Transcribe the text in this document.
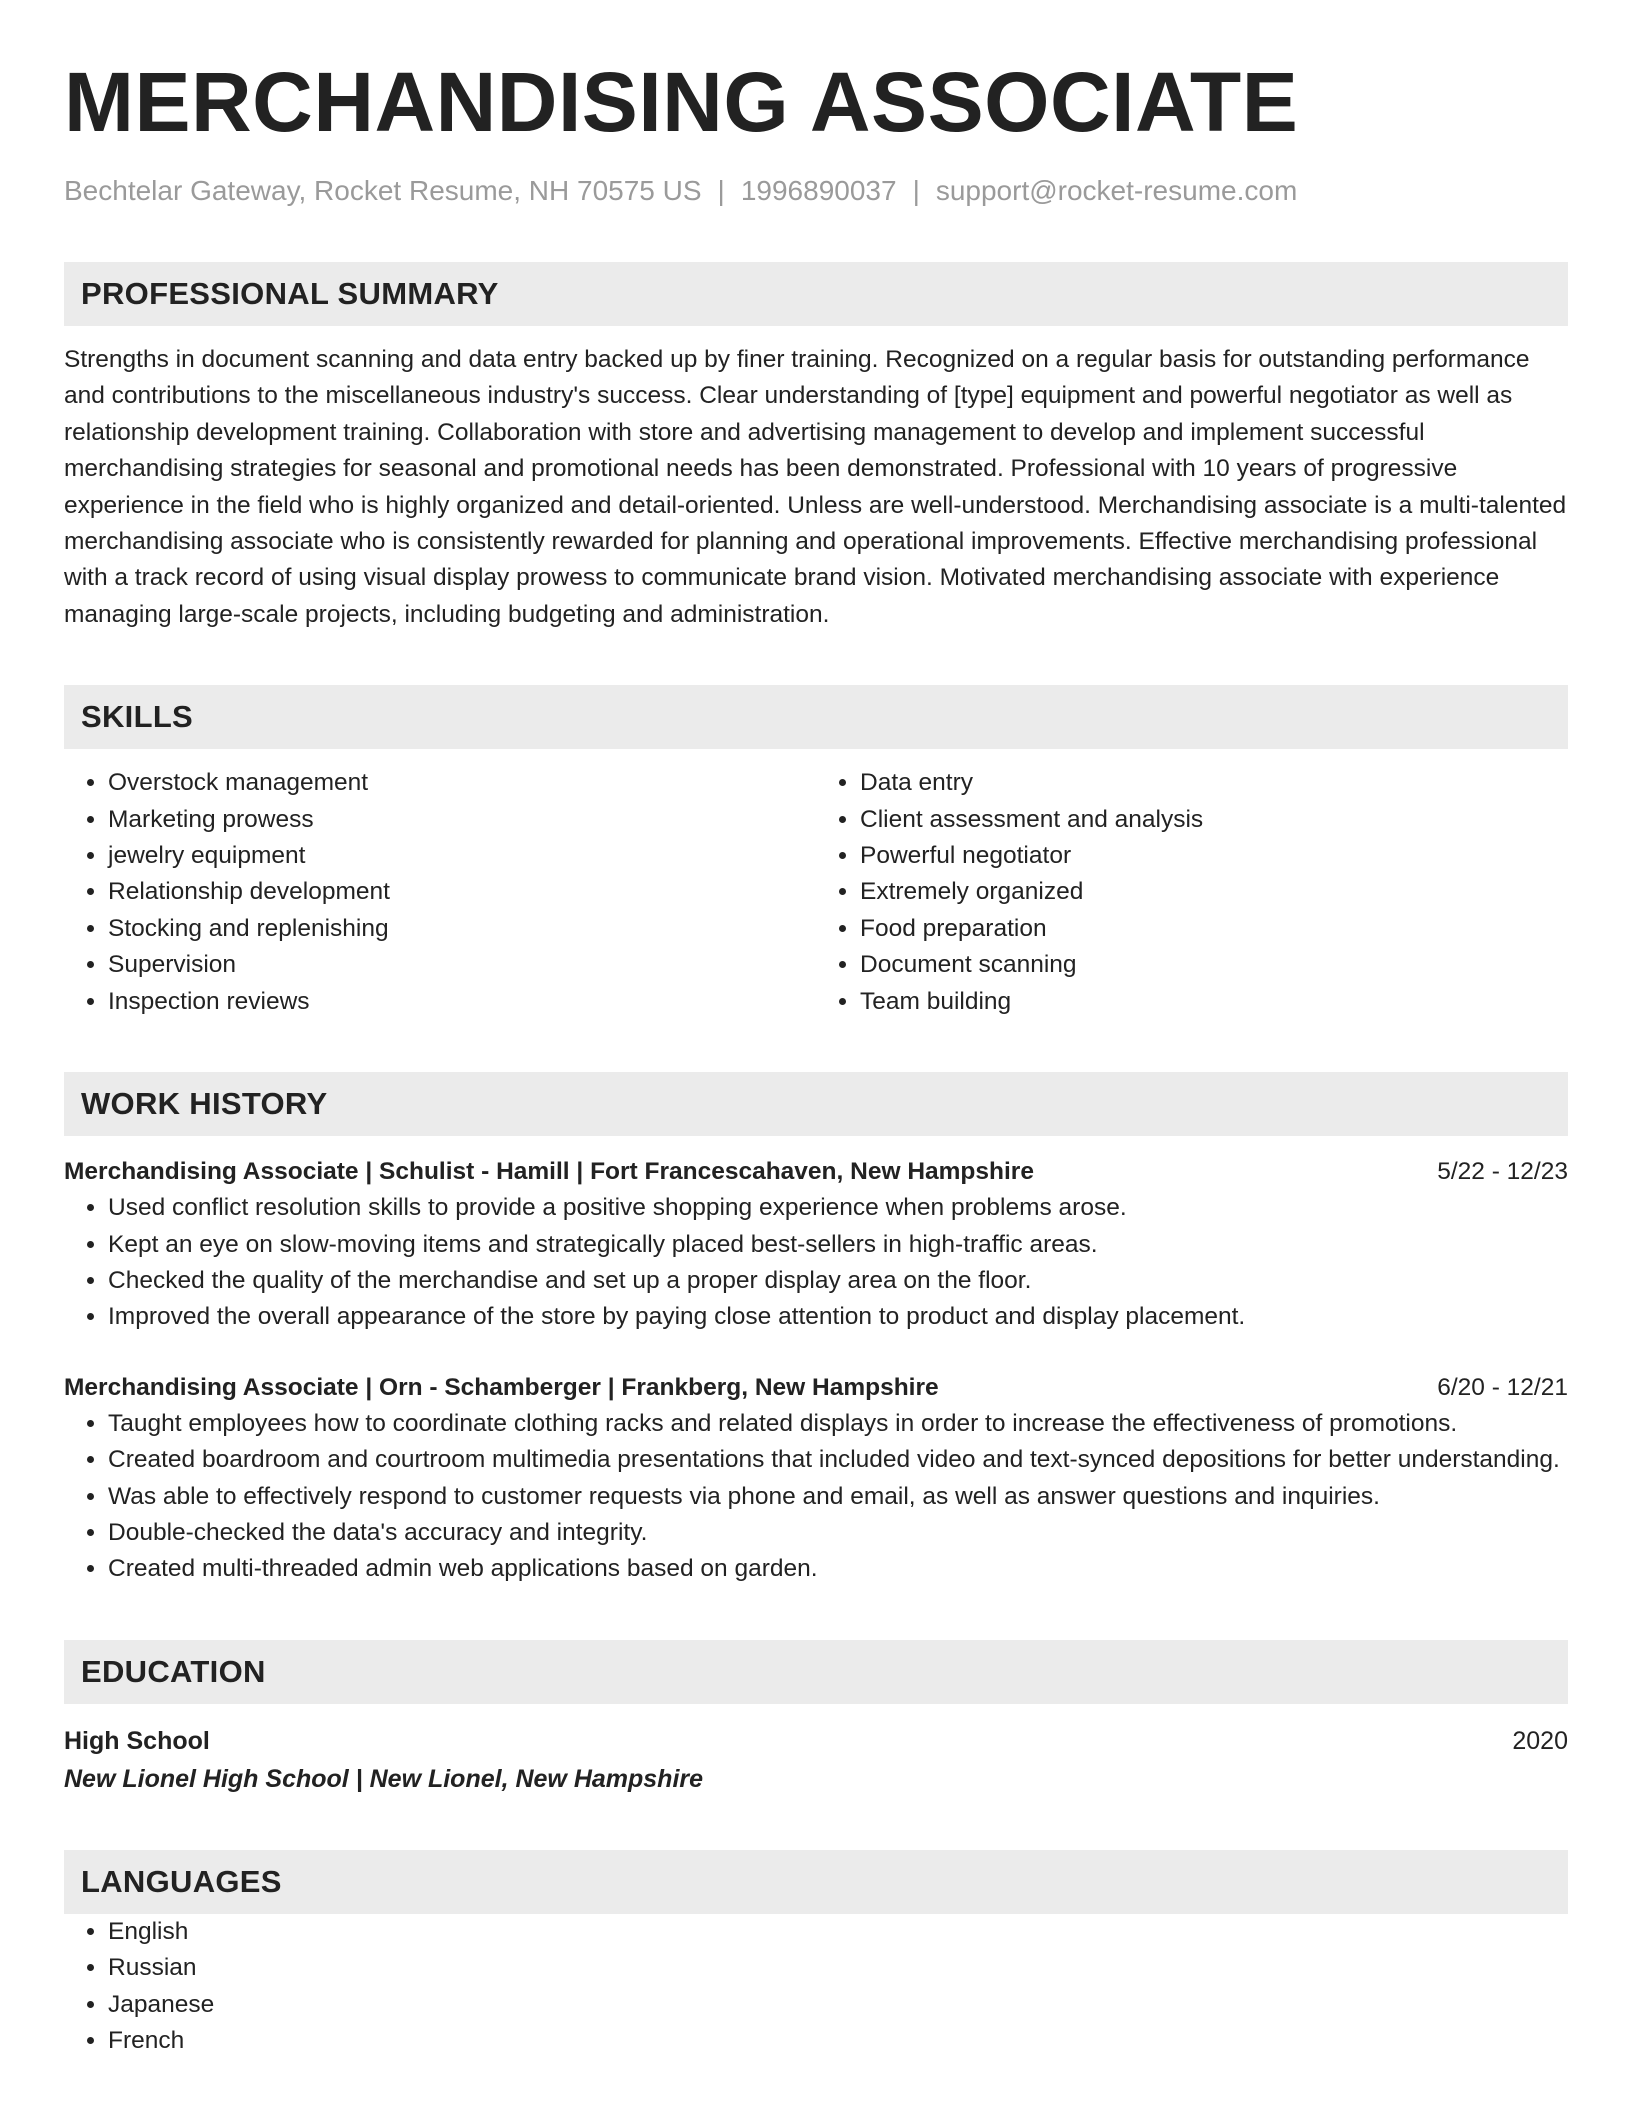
MERCHANDISING ASSOCIATE
Bechtelar Gateway, Rocket Resume, NH 70575 US | 1996890037 | support@rocket-resume.com
PROFESSIONAL SUMMARY

Strengths in document scanning and data entry backed up by finer training. Recognized on a regular basis for outstanding performance and contributions to the miscellaneous industry's success. Clear understanding of [type] equipment and powerful negotiator as well as relationship development training. Collaboration with store and advertising management to develop and implement successful merchandising strategies for seasonal and promotional needs has been demonstrated. Professional with 10 years of progressive experience in the field who is highly organized and detail-oriented. Unless are well-understood. Merchandising associate is a multi-talented merchandising associate who is consistently rewarded for planning and operational improvements. Effective merchandising professional with a track record of using visual display prowess to communicate brand vision. Motivated merchandising associate with experience managing large-scale projects, including budgeting and administration.

SKILLS
• Overstock management
• Marketing prowess
• jewelry equipment
• Relationship development
• Stocking and replenishing
• Supervision
• Inspection reviews
• Data entry
• Client assessment and analysis
• Powerful negotiator
• Extremely organized
• Food preparation
• Document scanning
• Team building
WORK HISTORY
Merchandising Associate | Schulist - Hamill | Fort Francescahaven, New Hampshire	5/22 - 12/23
• Used conflict resolution skills to provide a positive shopping experience when problems arose.
• Kept an eye on slow-moving items and strategically placed best-sellers in high-traffic areas.
• Checked the quality of the merchandise and set up a proper display area on the floor.
• Improved the overall appearance of the store by paying close attention to product and display placement.
Merchandising Associate | Orn - Schamberger | Frankberg, New Hampshire	6/20 - 12/21
• Taught employees how to coordinate clothing racks and related displays in order to increase the effectiveness of promotions.
• Created boardroom and courtroom multimedia presentations that included video and text-synced depositions for better understanding.
• Was able to effectively respond to customer requests via phone and email, as well as answer questions and inquiries.
• Double-checked the data's accuracy and integrity.
• Created multi-threaded admin web applications based on garden.
EDUCATION
High School	2020
New Lionel High School | New Lionel, New Hampshire
LANGUAGES
• English
• Russian
• Japanese
• French
